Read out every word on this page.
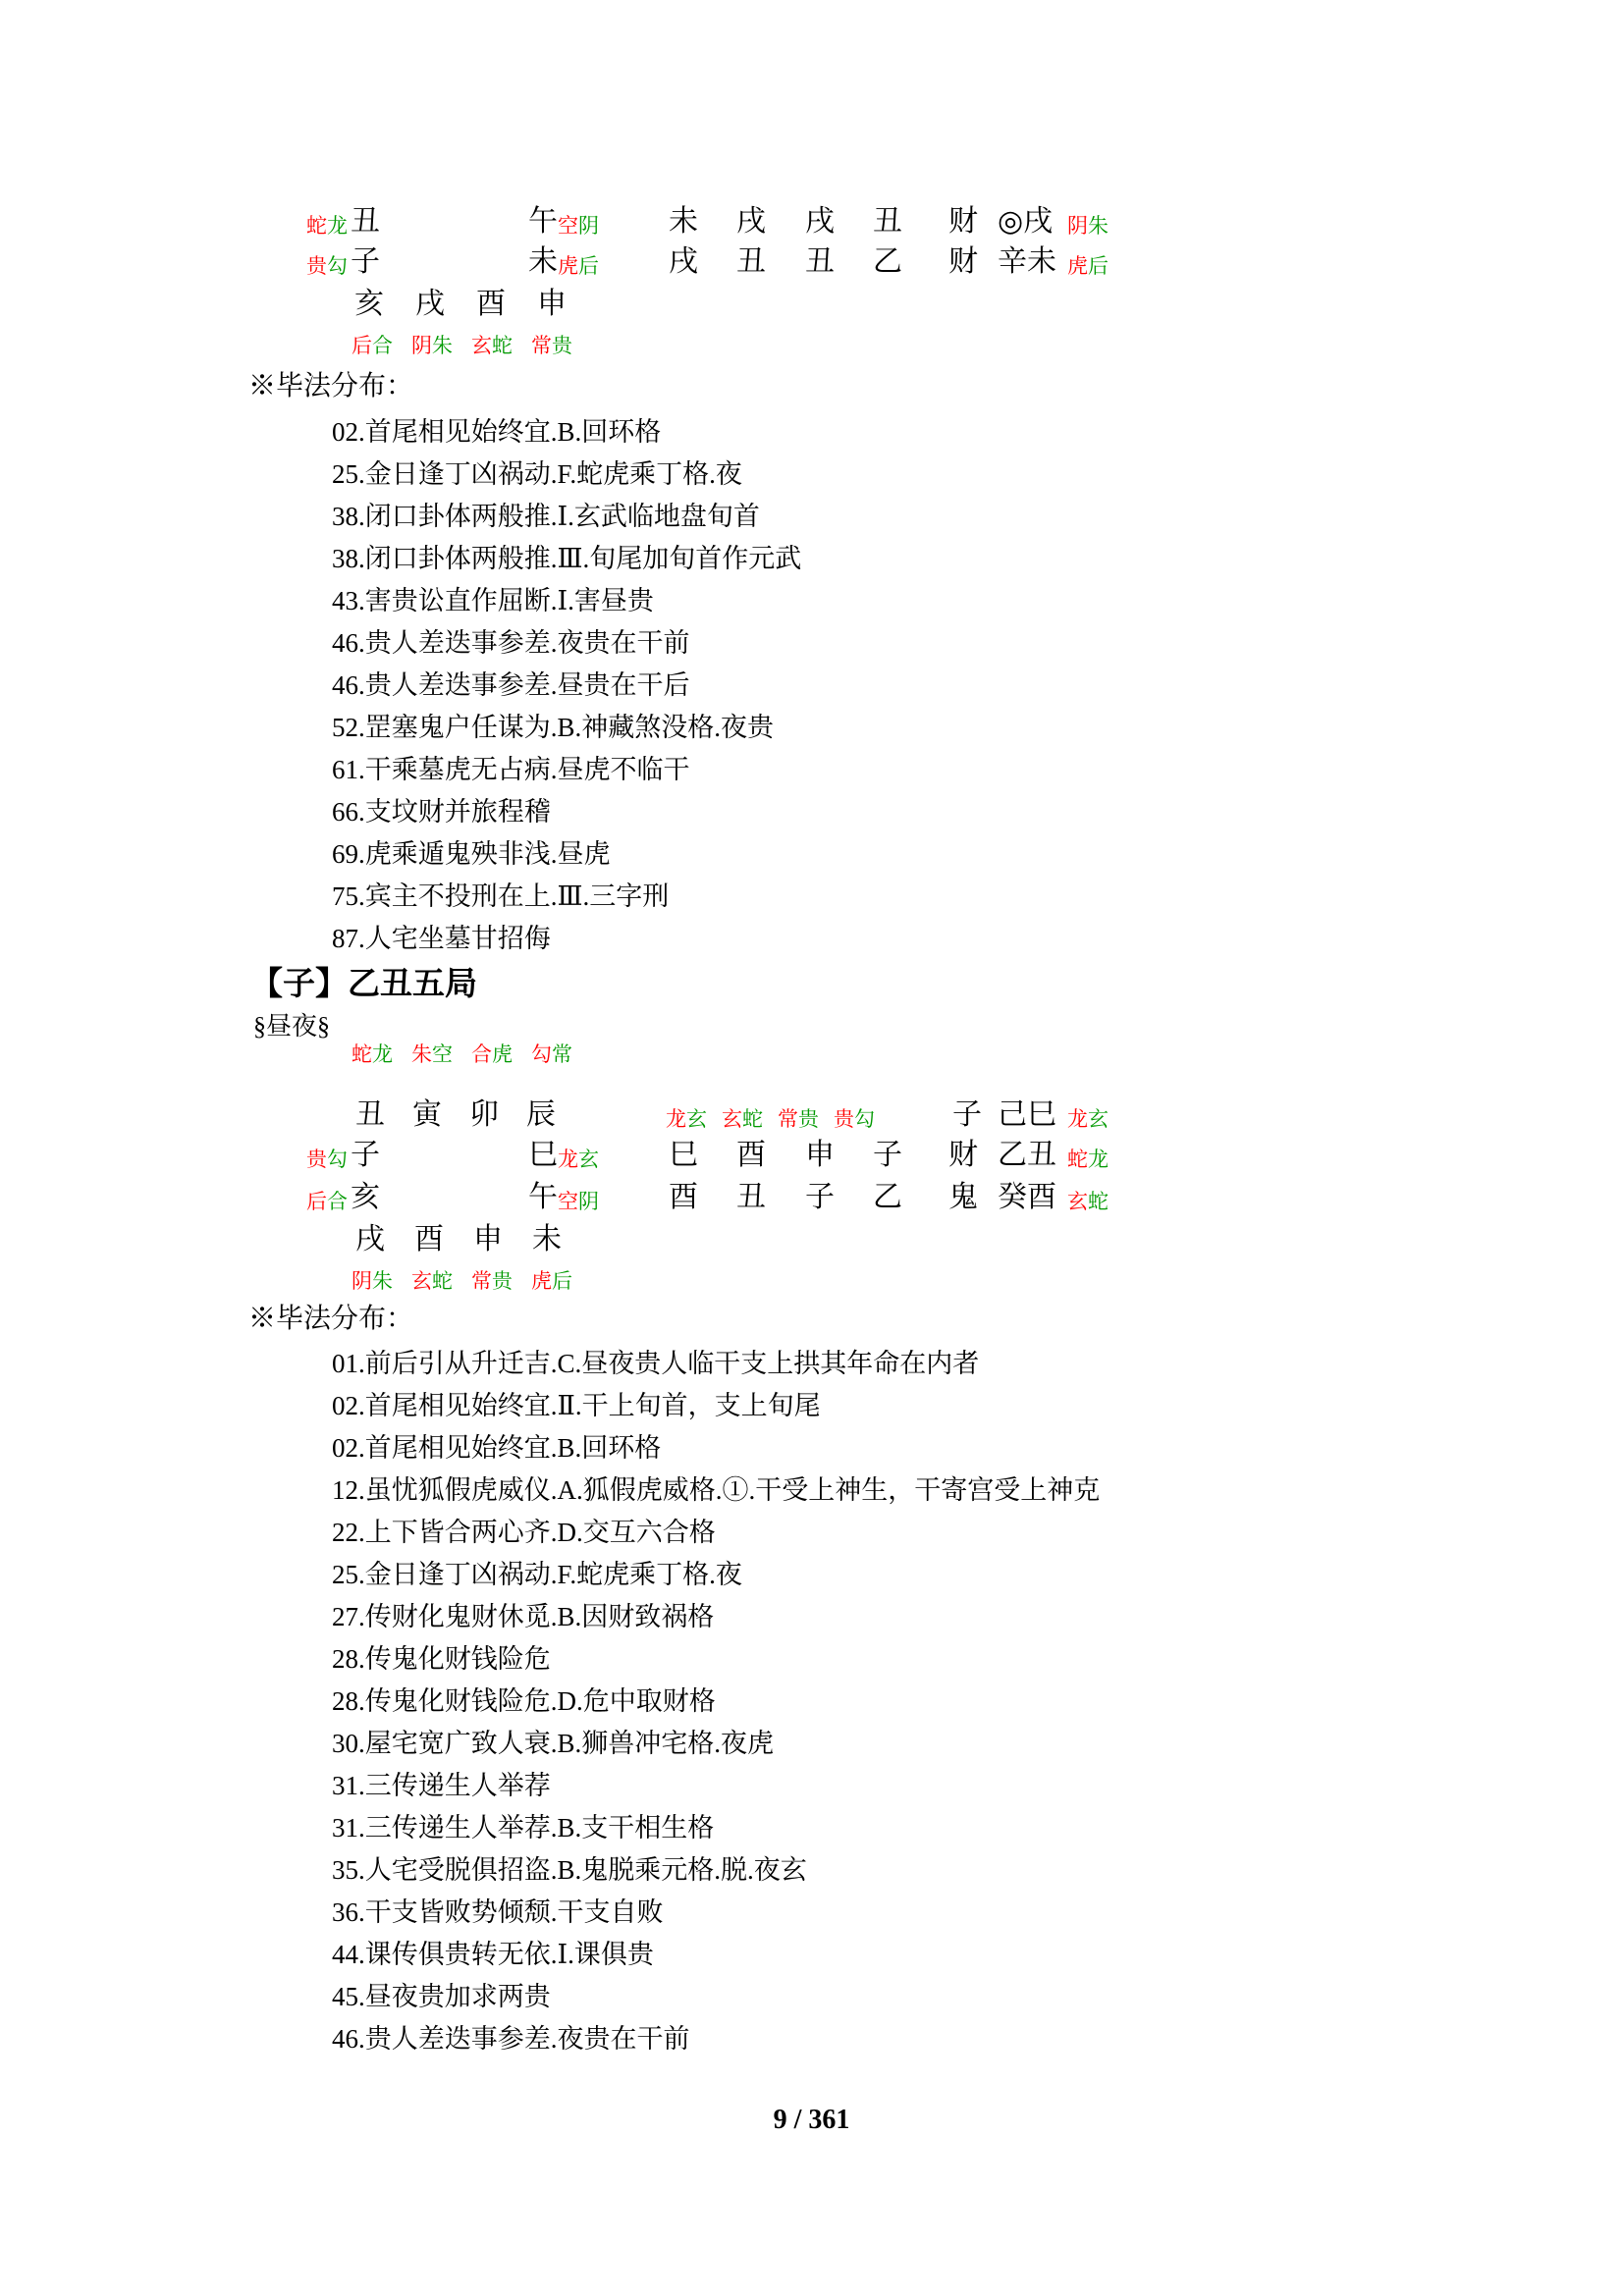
蛇龙 丑	午 空阴 未 戌 戌 丑 财 ◎戌 阴朱
贵勾 子	未 虎后 戌 丑 丑 乙 财 辛未 虎后
亥 戌 酉 申
后合 阴朱 玄蛇 常贵
※毕法分布：
02.首尾相见始终宜.B.回环格
25.金日逢丁凶祸动.F.蛇虎乘丁格.夜
38.闭口卦体两般推.Ⅰ.玄武临地盘旬首
38.闭口卦体两般推.Ⅲ.旬尾加旬首作元武
43.害贵讼直作屈断.Ⅰ.害昼贵
46.贵人差迭事参差.夜贵在干前
46.贵人差迭事参差.昼贵在干后
52.罡塞鬼户任谋为.B.神藏煞没格.夜贵
61.干乘墓虎无占病.昼虎不临干
66.支坟财并旅程稽
69.虎乘遁鬼殃非浅.昼虎
75.宾主不投刑在上.Ⅲ.三字刑
87.人宅坐墓甘招侮
【子】乙丑五局
§昼夜§
蛇龙 朱空 合虎 勾常
丑 寅 卯 辰	龙玄 玄蛇 常贵 贵勾	子 己巳 龙玄
贵勾 子	巳 龙玄 巳 酉 申 子 财 乙丑 蛇龙
后合 亥	午 空阴 酉 丑 子 乙 鬼 癸酉 玄蛇
戌 酉 申 未
阴朱 玄蛇 常贵 虎后
※毕法分布：
01.前后引从升迁吉.C.昼夜贵人临干支上拱其年命在内者
02.首尾相见始终宜.Ⅱ.干上旬首，支上旬尾
02.首尾相见始终宜.B.回环格
12.虽忧狐假虎威仪.A.狐假虎威格.①.干受上神生，干寄宫受上神克
22.上下皆合两心齐.D.交互六合格
25.金日逢丁凶祸动.F.蛇虎乘丁格.夜
27.传财化鬼财休觅.B.因财致祸格
28.传鬼化财钱险危
28.传鬼化财钱险危.D.危中取财格
30.屋宅宽广致人衰.B.狮兽冲宅格.夜虎
31.三传递生人举荐
31.三传递生人举荐.B.支干相生格
35.人宅受脱俱招盗.B.鬼脱乘元格.脱.夜玄
36.干支皆败势倾颓.干支自败
44.课传俱贵转无依.Ⅰ.课俱贵
45.昼夜贵加求两贵
46.贵人差迭事参差.夜贵在干前
9 / 361
